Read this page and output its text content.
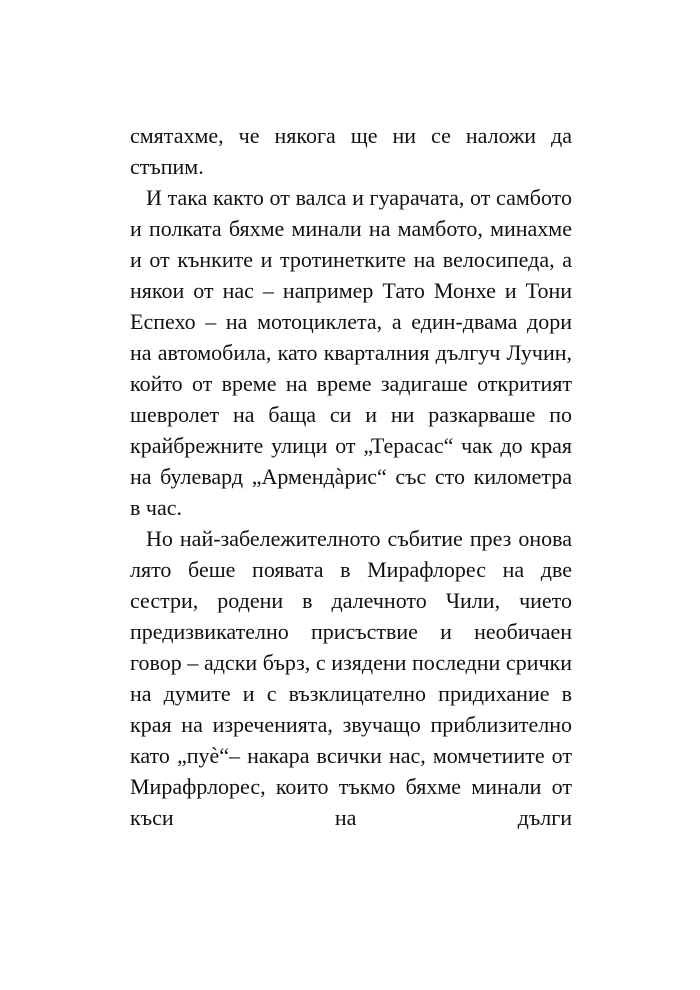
смятахме, че някога ще ни се наложи да стъпим.

И така както от валса и гуарачата, от самбото и полката бяхме минали на мамбото, минахме и от кънките и тротинетките на велосипеда, а някои от нас – например Тато Монхе и Тони Еспехо – на мотоциклета, а един-двама дори на автомобила, като кварталния дългуч Лучин, който от време на време задигаше откритият шевролет на баща си и ни разкарваше по крайбрежните улици от „Терасас“ чак до края на булевард „Армендàрис“ със сто километра в час.

Но най-забележителното събитие през онова лято беше появата в Мирафлорес на две сестри, родени в далечното Чили, чието предизвикателно присъствие и необичаен говор – адски бърз, с изядени последни срички на думите и с възклицателно придихание в края на изреченията, звучащо приблизително като „пуè“– накара всички нас, момчетиите от Мирафрлорес, които тъкмо бяхме минали от къси на дълги
